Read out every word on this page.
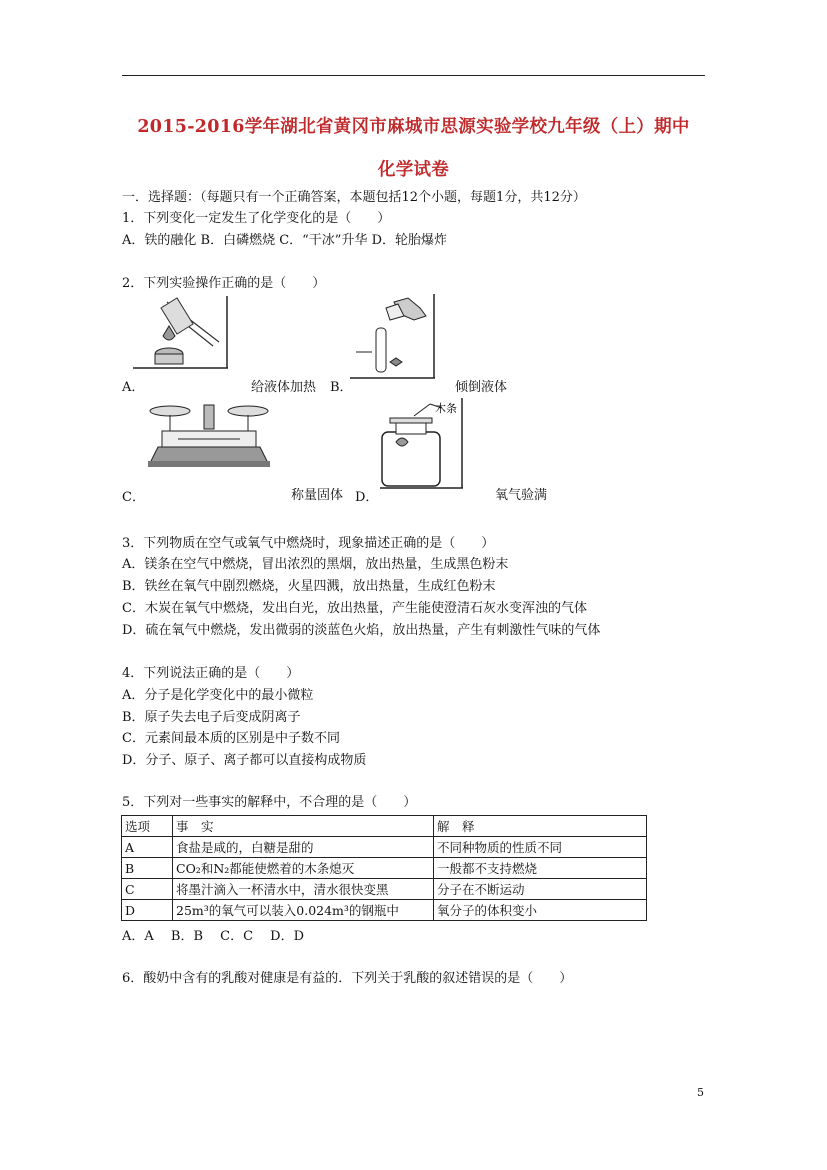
2015-2016学年湖北省黄冈市麻城市思源实验学校九年级（上）期中
化学试卷
一．选择题：（每题只有一个正确答案，本题包括12个小题，每题1分，共12分）
1．下列变化一定发生了化学变化的是（　　）
A．铁的融化 B．白磷燃烧 C．“干冰”升华 D．轮胎爆炸
2．下列实验操作正确的是（　　）
A．	给液体加热 B．	倾倒液体
C．	称量固体
木条
D．	氧气验满
3．下列物质在空气或氧气中燃烧时，现象描述正确的是（　　）
A．镁条在空气中燃烧，冒出浓烈的黑烟，放出热量，生成黑色粉末
B．铁丝在氧气中剧烈燃烧，火星四溅，放出热量，生成红色粉末
C．木炭在氧气中燃烧，发出白光，放出热量，产生能使澄清石灰水变浑浊的气体
D．硫在氧气中燃烧，发出微弱的淡蓝色火焰，放出热量，产生有刺激性气味的气体
4．下列说法正确的是（　　）
A．分子是化学变化中的最小微粒
B．原子失去电子后变成阴离子
C．元素间最本质的区别是中子数不同
D．分子、原子、离子都可以直接构成物质
5．下列对一些事实的解释中，不合理的是（　　）
选项	事　实	解　释
A	食盐是咸的，白糖是甜的	不同种物质的性质不同
B	CO₂和N₂都能使燃着的木条熄灭	一般都不支持燃烧
C	将墨汁滴入一杯清水中，清水很快变黑	分子在不断运动
D	25m³的氧气可以装入0.024m³的钢瓶中	氧分子的体积变小
A．A　 B．B　 C．C　 D．D
6．酸奶中含有的乳酸对健康是有益的．下列关于乳酸的叙述错误的是（　　）
5
